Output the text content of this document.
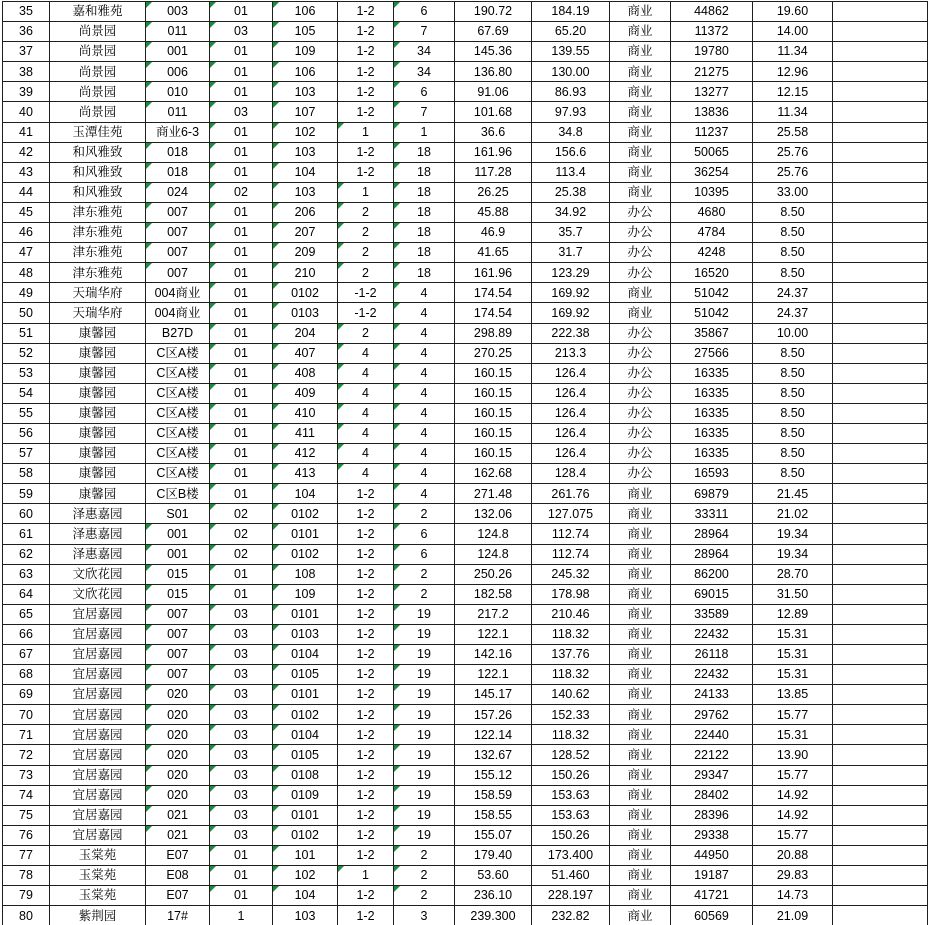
35	嘉和雅苑	003	01	106	1-2	6	190.72	184.19	商业	44862	19.60	
36	尚景园	011	03	105	1-2	7	67.69	65.20	商业	11372	14.00	
37	尚景园	001	01	109	1-2	34	145.36	139.55	商业	19780	11.34	
38	尚景园	006	01	106	1-2	34	136.80	130.00	商业	21275	12.96	
39	尚景园	010	01	103	1-2	6	91.06	86.93	商业	13277	12.15	
40	尚景园	011	03	107	1-2	7	101.68	97.93	商业	13836	11.34	
41	玉潭佳苑	商业6-3	01	102	1	1	36.6	34.8	商业	11237	25.58	
42	和风雅致	018	01	103	1-2	18	161.96	156.6	商业	50065	25.76	
43	和风雅致	018	01	104	1-2	18	117.28	113.4	商业	36254	25.76	
44	和风雅致	024	02	103	1	18	26.25	25.38	商业	10395	33.00	
45	津东雅苑	007	01	206	2	18	45.88	34.92	办公	4680	8.50	
46	津东雅苑	007	01	207	2	18	46.9	35.7	办公	4784	8.50	
47	津东雅苑	007	01	209	2	18	41.65	31.7	办公	4248	8.50	
48	津东雅苑	007	01	210	2	18	161.96	123.29	办公	16520	8.50	
49	天瑞华府	004商业	01	0102	-1-2	4	174.54	169.92	商业	51042	24.37	
50	天瑞华府	004商业	01	0103	-1-2	4	174.54	169.92	商业	51042	24.37	
51	康馨园	B27D	01	204	2	4	298.89	222.38	办公	35867	10.00	
52	康馨园	C区A楼	01	407	4	4	270.25	213.3	办公	27566	8.50	
53	康馨园	C区A楼	01	408	4	4	160.15	126.4	办公	16335	8.50	
54	康馨园	C区A楼	01	409	4	4	160.15	126.4	办公	16335	8.50	
55	康馨园	C区A楼	01	410	4	4	160.15	126.4	办公	16335	8.50	
56	康馨园	C区A楼	01	411	4	4	160.15	126.4	办公	16335	8.50	
57	康馨园	C区A楼	01	412	4	4	160.15	126.4	办公	16335	8.50	
58	康馨园	C区A楼	01	413	4	4	162.68	128.4	办公	16593	8.50	
59	康馨园	C区B楼	01	104	1-2	4	271.48	261.76	商业	69879	21.45	
60	泽惠嘉园	S01	02	0102	1-2	2	132.06	127.075	商业	33311	21.02	
61	泽惠嘉园	001	02	0101	1-2	6	124.8	112.74	商业	28964	19.34	
62	泽惠嘉园	001	02	0102	1-2	6	124.8	112.74	商业	28964	19.34	
63	文欣花园	015	01	108	1-2	2	250.26	245.32	商业	86200	28.70	
64	文欣花园	015	01	109	1-2	2	182.58	178.98	商业	69015	31.50	
65	宜居嘉园	007	03	0101	1-2	19	217.2	210.46	商业	33589	12.89	
66	宜居嘉园	007	03	0103	1-2	19	122.1	118.32	商业	22432	15.31	
67	宜居嘉园	007	03	0104	1-2	19	142.16	137.76	商业	26118	15.31	
68	宜居嘉园	007	03	0105	1-2	19	122.1	118.32	商业	22432	15.31	
69	宜居嘉园	020	03	0101	1-2	19	145.17	140.62	商业	24133	13.85	
70	宜居嘉园	020	03	0102	1-2	19	157.26	152.33	商业	29762	15.77	
71	宜居嘉园	020	03	0104	1-2	19	122.14	118.32	商业	22440	15.31	
72	宜居嘉园	020	03	0105	1-2	19	132.67	128.52	商业	22122	13.90	
73	宜居嘉园	020	03	0108	1-2	19	155.12	150.26	商业	29347	15.77	
74	宜居嘉园	020	03	0109	1-2	19	158.59	153.63	商业	28402	14.92	
75	宜居嘉园	021	03	0101	1-2	19	158.55	153.63	商业	28396	14.92	
76	宜居嘉园	021	03	0102	1-2	19	155.07	150.26	商业	29338	15.77	
77	玉棠苑	E07	01	101	1-2	2	179.40	173.400	商业	44950	20.88	
78	玉棠苑	E08	01	102	1	2	53.60	51.460	商业	19187	29.83	
79	玉棠苑	E07	01	104	1-2	2	236.10	228.197	商业	41721	14.73	
80	紫荆园	17#	1	103	1-2	3	239.300	232.82	商业	60569	21.09	
